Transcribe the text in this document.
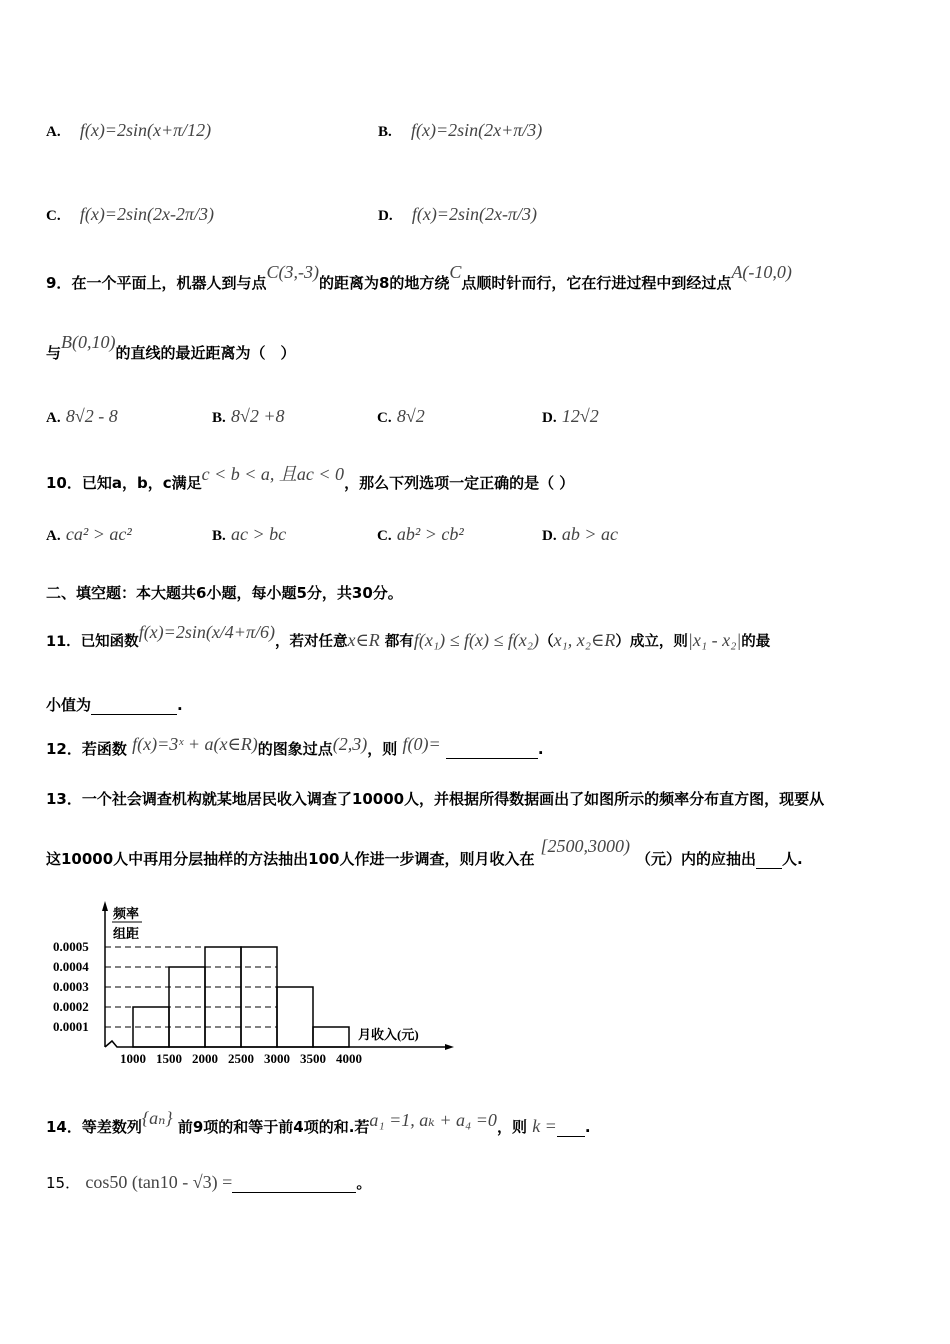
A. f(x)=2sin(x+π/12)	B. f(x)=2sin(2x+π/3)
C. f(x)=2sin(2x-2π/3)	D. f(x)=2sin(2x-π/3)
9．在一个平面上，机器人到与点C(3,-3)的距离为8的地方绕C点顺时针而行，它在行进过程中到经过点A(-10,0)
与B(0,10)的直线的最近距离为（　）
A. 8√2 - 8	B. 8√2 +8	C. 8√2	D. 12√2
10．已知a，b，c满足c < b < a, 且ac < 0，那么下列选项一定正确的是（ ）
A. ca² > ac²	B. ac > bc	C. ab² > cb²	D. ab > ac
二、填空题：本大题共6小题，每小题5分，共30分。
11．已知函数f(x)=2sin(x/4+π/6)，若对任意x∈R 都有f(x₁) ≤ f(x) ≤ f(x₂)（x₁, x₂∈R）成立，则|x₁ - x₂|的最
小值为	.
12．若函数 f(x)=3ˣ + a(x∈R)的图象过点(2,3)，则 f(0)=	.
13．一个社会调查机构就某地居民收入调查了10000人，并根据所得数据画出了如图所示的频率分布直方图，现要从
这10000人中再用分层抽样的方法抽出100人作进一步调查，则月收入在[2500,3000)（元）内的应抽出 人.
频率
组距
月收入(元)
0.0001
0.0002
0.0003
0.0004
0.0005
1000 1500 2000 2500 3000 3500 4000
14．等差数列{aₙ} 前9项的和等于前4项的和.若a₁ =1, aₖ + a₄ =0，则 k = .
15． cos50 (tan10 - √3) =	。
